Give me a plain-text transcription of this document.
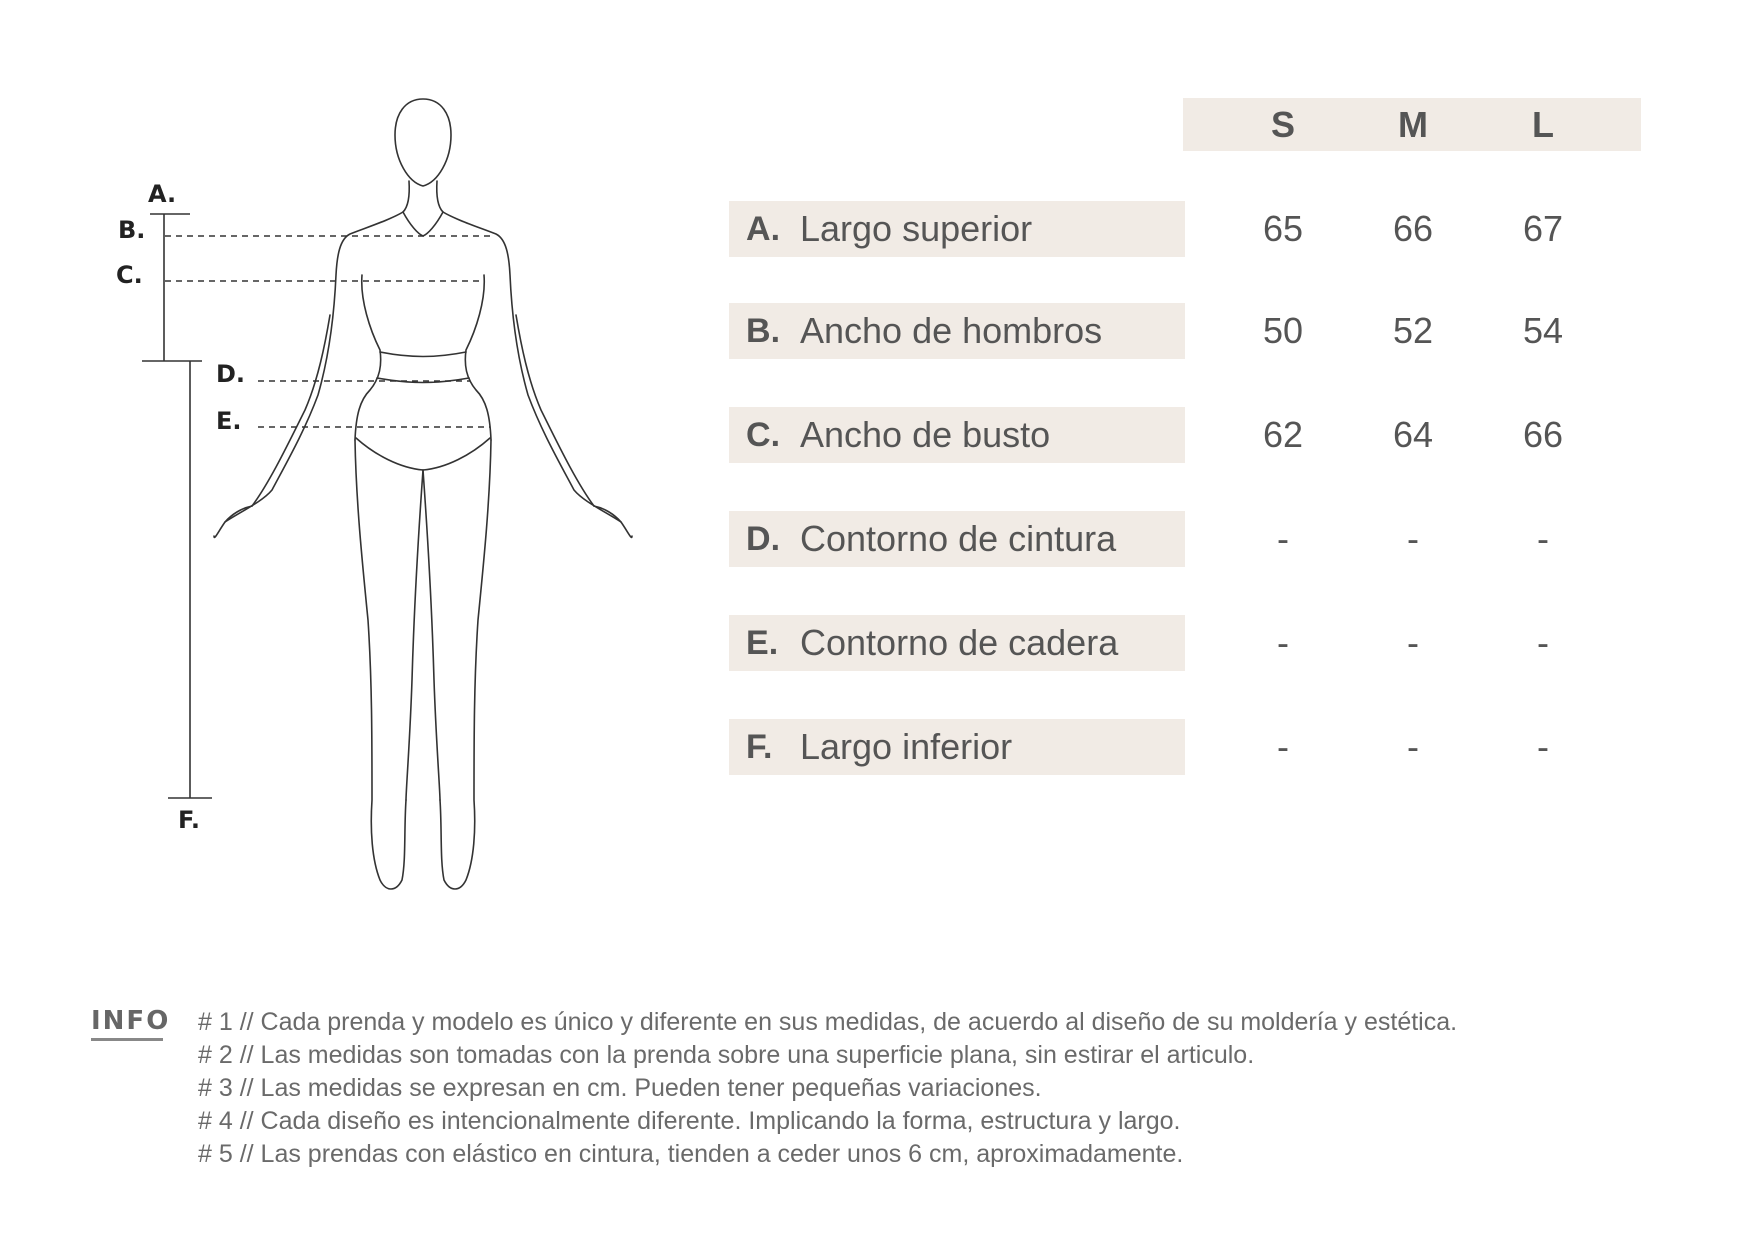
A.
B.
C.
D.
E.
F.
S	M	L
A. Largo superior	65	66	67
B. Ancho de hombros	50	52	54
C. Ancho de busto	62	64	66
D. Contorno de cintura	-	-	-
E. Contorno de cadera	-	-	-
F. Largo inferior	-	-	-
INFO # 1 // Cada prenda y modelo es único y diferente en sus medidas, de acuerdo al diseño de su moldería y estética.
# 2 // Las medidas son tomadas con la prenda sobre una superficie plana, sin estirar el articulo.
# 3 // Las medidas se expresan en cm. Pueden tener pequeñas variaciones.
# 4 // Cada diseño es intencionalmente diferente. Implicando la forma, estructura y largo.
# 5 // Las prendas con elástico en cintura, tienden a ceder unos 6 cm, aproximadamente.
